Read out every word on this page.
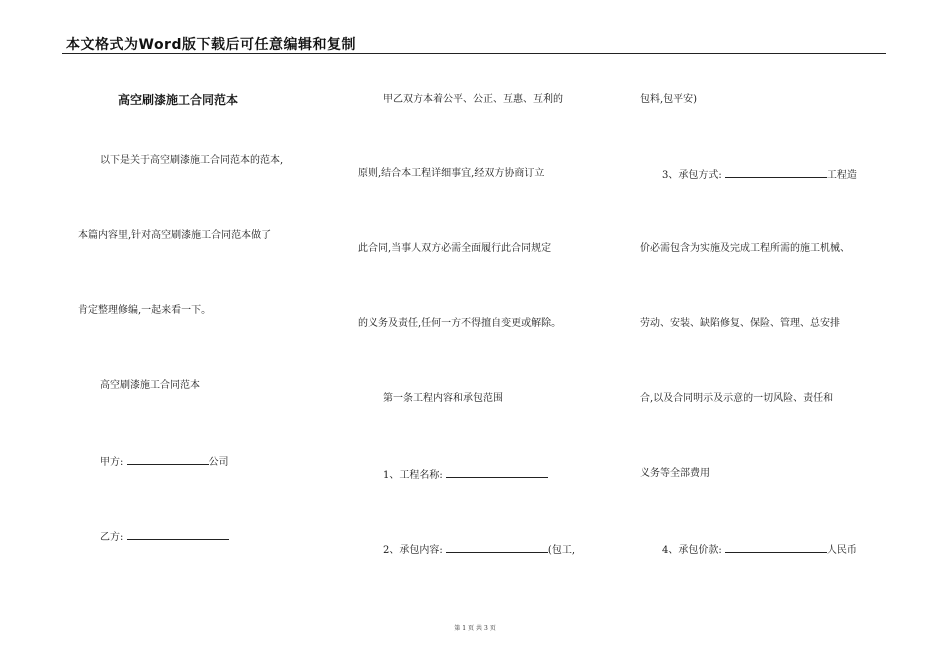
本文格式为Word版下载后可任意编辑和复制
高空刷漆施工合同范本
以下是关于高空刷漆施工合同范本的范本,
本篇内容里,针对高空刷漆施工合同范本做了
肯定整理修编,一起来看一下。
高空刷漆施工合同范本
甲方:	公司
乙方:
甲乙双方本着公平、公正、互惠、互利的
原则,结合本工程详细事宜,经双方协商订立
此合同,当事人双方必需全面履行此合同规定
的义务及责任,任何一方不得擅自变更或解除。
第一条工程内容和承包范围
1、工程名称:
2、承包内容:	(包工,
包料,包平安)
3、承包方式:	工程造
价必需包含为实施及完成工程所需的施工机械、
劳动、安装、缺陷修复、保险、管理、总安排
合,以及合同明示及示意的一切风险、责任和
义务等全部费用
4、承包价款:	人民币
第 1 页 共 3 页
